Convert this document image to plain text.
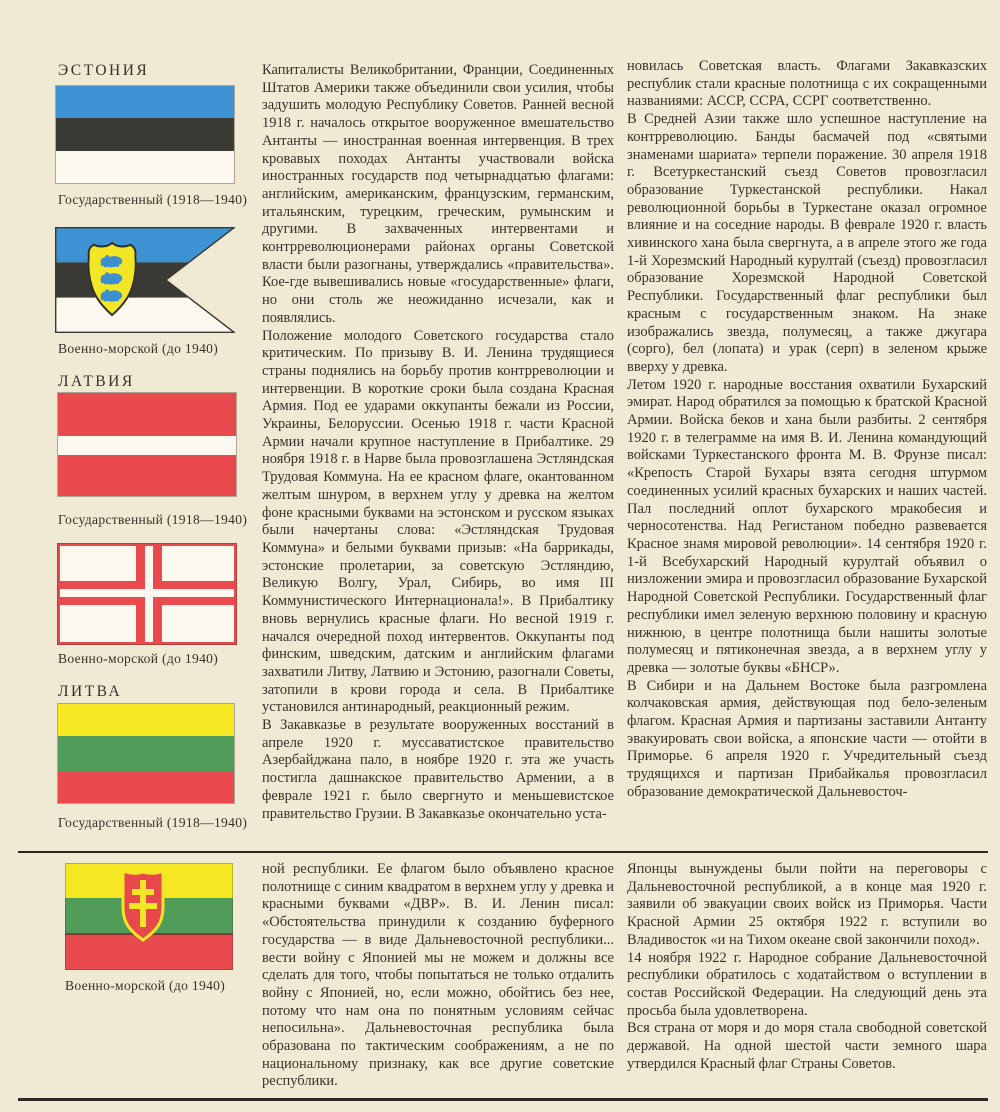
ЭСТОНИЯ
Государственный (1918—1940)
Военно-морской (до 1940)
ЛАТВИЯ
Государственный (1918—1940)
Военно-морской (до 1940)
ЛИТВА
Государственный (1918—1940)
Военно-морской (до 1940)

Капиталисты Великобритании, Франции, Соединенных Штатов Америки также объединили свои усилия, чтобы задушить молодую Республику Советов. Ранней весной 1918 г. началось открытое вооруженное вмешательство Антанты — иностранная военная интервенция. В трех кровавых походах Антанты участвовали войска иностранных государств под четырнадцатью флагами: английским, американским, французским, германским, итальянским, турецким, греческим, румынским и другими. В захваченных интервентами и контрреволюционерами районах органы Советской власти были разогнаны, утверждались «правительства». Кое-где вывешивались новые «государственные» флаги, но они столь же неожиданно исчезали, как и появлялись.

Положение молодого Советского государства стало критическим. По призыву В. И. Ленина трудящиеся страны поднялись на борьбу против контрреволюции и интервенции. В короткие сроки была создана Красная Армия. Под ее ударами оккупанты бежали из России, Украины, Белоруссии. Осенью 1918 г. части Красной Армии начали крупное наступление в Прибалтике. 29 ноября 1918 г. в Нарве была провозглашена Эстляндская Трудовая Коммуна. На ее красном флаге, окантованном желтым шнуром, в верхнем углу у древка на желтом фоне красными буквами на эстонском и русском языках были начертаны слова: «Эстляндская Трудовая Коммуна» и белыми буквами призыв: «На баррикады, эстонские пролетарии, за советскую Эстляндию, Великую Волгу, Урал, Сибирь, во имя III Коммунистического Интернационала!». В Прибалтику вновь вернулись красные флаги. Но весной 1919 г. начался очередной поход интервентов. Оккупанты под финским, шведским, датским и английским флагами захватили Литву, Латвию и Эстонию, разогнали Советы, затопили в крови города и села. В Прибалтике установился антинародный, реакционный режим.

В Закавказье в результате вооруженных восстаний в апреле 1920 г. муссаватистское правительство Азербайджана пало, в ноябре 1920 г. эта же участь постигла дашнакское правительство Армении, а в феврале 1921 г. было свергнуто и меньшевистское правительство Грузии. В Закавказье окончательно уста-

новилась Советская власть. Флагами Закавказских республик стали красные полотнища с их сокращенными названиями: АССР, ССРА, ССРГ соответственно.

В Средней Азии также шло успешное наступление на контрреволюцию. Банды басмачей под «святыми знаменами шариата» терпели поражение. 30 апреля 1918 г. Всетуркестанский съезд Советов провозгласил образование Туркестанской республики. Накал революционной борьбы в Туркестане оказал огромное влияние и на соседние народы. В феврале 1920 г. власть хивинского хана была свергнута, а в апреле этого же года 1-й Хорезмский Народный курултай (съезд) провозгласил образование Хорезмской Народной Советской Республики. Государственный флаг республики был красным с государственным знаком. На знаке изображались звезда, полумесяц, а также джугара (сорго), бел (лопата) и урак (серп) в зеленом крыже вверху у древка.

Летом 1920 г. народные восстания охватили Бухарский эмират. Народ обратился за помощью к братской Красной Армии. Войска беков и хана были разбиты. 2 сентября 1920 г. в телеграмме на имя В. И. Ленина командующий войсками Туркестанского фронта М. В. Фрунзе писал: «Крепость Старой Бухары взята сегодня штурмом соединенных усилий красных бухарских и наших частей. Пал последний оплот бухарского мракобесия и черносотенства. Над Регистаном победно развевается Красное знамя мировой революции». 14 сентября 1920 г. 1-й Всебухарский Народный курултай объявил о низложении эмира и провозгласил образование Бухарской Народной Советской Республики. Государственный флаг республики имел зеленую верхнюю половину и красную нижнюю, в центре полотнища были нашиты золотые полумесяц и пятиконечная звезда, а в верхнем углу у древка — золотые буквы «БНСР».

В Сибири и на Дальнем Востоке была разгромлена колчаковская армия, действующая под бело-зеленым флагом. Красная Армия и партизаны заставили Антанту эвакуировать свои войска, а японские части — отойти в Приморье. 6 апреля 1920 г. Учредительный съезд трудящихся и партизан Прибайкалья провозгласил образование демократической Дальневосточ-

ной республики. Ее флагом было объявлено красное полотнище с синим квадратом в верхнем углу у древка и красными буквами «ДВР». В. И. Ленин писал: «Обстоятельства принудили к созданию буферного государства — в виде Дальневосточной республики... вести войну с Японией мы не можем и должны все сделать для того, чтобы попытаться не только отдалить войну с Японией, но, если можно, обойтись без нее, потому что нам она по понятным условиям сейчас непосильна». Дальневосточная республика была образована по тактическим соображениям, а не по национальному признаку, как все другие советские республики.

Японцы вынуждены были пойти на переговоры с Дальневосточной республикой, а в конце мая 1920 г. заявили об эвакуации своих войск из Приморья. Части Красной Армии 25 октября 1922 г. вступили во Владивосток «и на Тихом океане свой закончили поход».

14 ноября 1922 г. Народное собрание Дальневосточной республики обратилось с ходатайством о вступлении в состав Российской Федерации. На следующий день эта просьба была удовлетворена.

Вся страна от моря и до моря стала свободной советской державой. На одной шестой части земного шара утвердился Красный флаг Страны Советов.
